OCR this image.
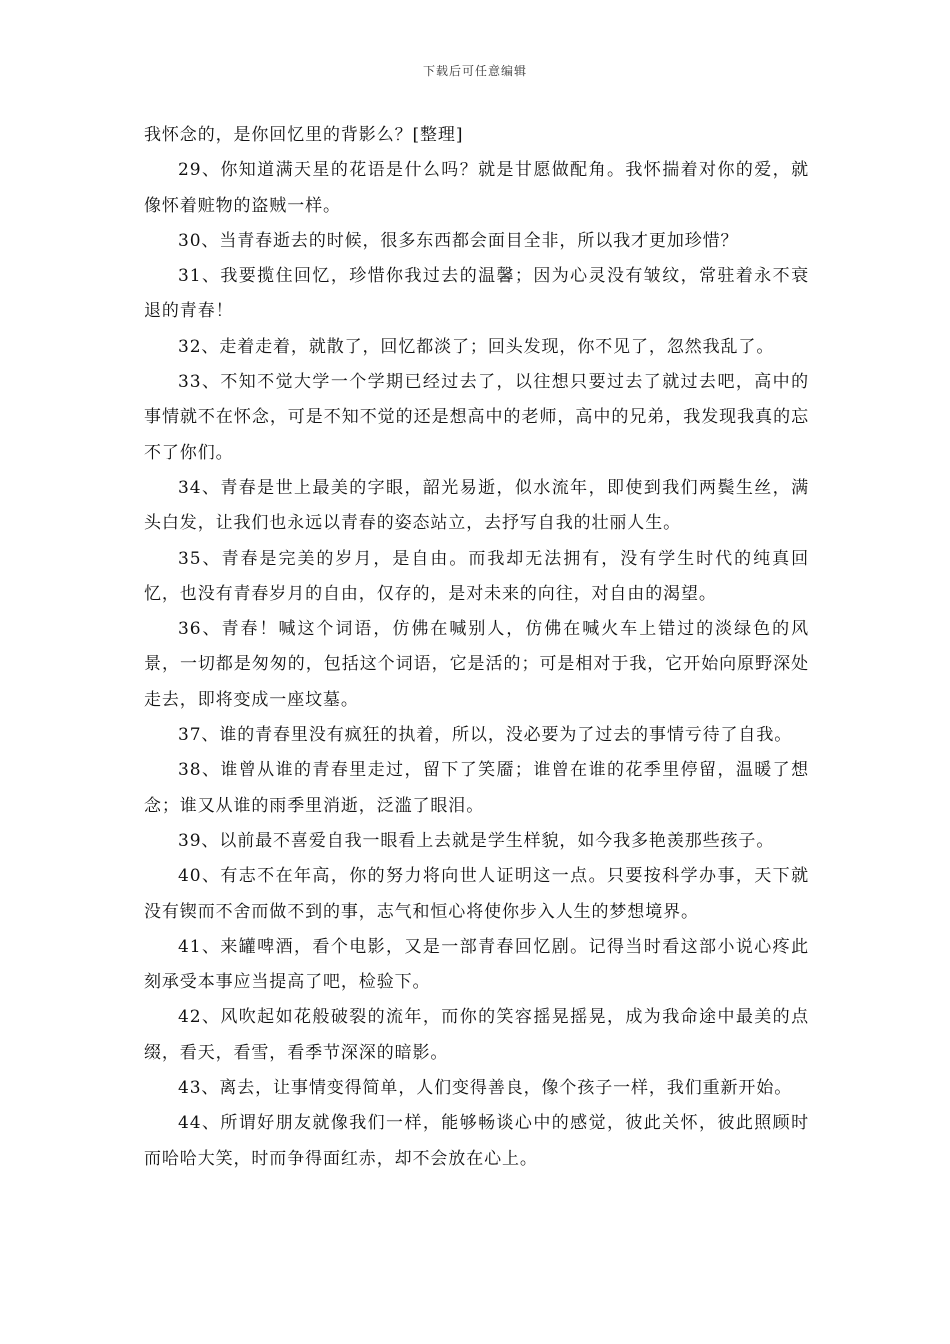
下载后可任意编辑

我怀念的，是你回忆里的背影么？[整理]

29、你知道满天星的花语是什么吗？就是甘愿做配角。我怀揣着对你的爱，就像怀着赃物的盗贼一样。

30、当青春逝去的时候，很多东西都会面目全非，所以我才更加珍惜？

31、我要揽住回忆，珍惜你我过去的温馨；因为心灵没有皱纹，常驻着永不衰退的青春！

32、走着走着，就散了，回忆都淡了；回头发现，你不见了，忽然我乱了。

33、不知不觉大学一个学期已经过去了，以往想只要过去了就过去吧，高中的事情就不在怀念，可是不知不觉的还是想高中的老师，高中的兄弟，我发现我真的忘不了你们。

34、青春是世上最美的字眼，韶光易逝，似水流年，即使到我们两鬓生丝，满头白发，让我们也永远以青春的姿态站立，去抒写自我的壮丽人生。

35、青春是完美的岁月，是自由。而我却无法拥有，没有学生时代的纯真回忆，也没有青春岁月的自由，仅存的，是对未来的向往，对自由的渴望。

36、青春！喊这个词语，仿佛在喊别人，仿佛在喊火车上错过的淡绿色的风景，一切都是匆匆的，包括这个词语，它是活的；可是相对于我，它开始向原野深处走去，即将变成一座坟墓。

37、谁的青春里没有疯狂的执着，所以，没必要为了过去的事情亏待了自我。

38、谁曾从谁的青春里走过，留下了笑靥；谁曾在谁的花季里停留，温暖了想念；谁又从谁的雨季里消逝，泛滥了眼泪。

39、以前最不喜爱自我一眼看上去就是学生样貌，如今我多艳羡那些孩子。

40、有志不在年高，你的努力将向世人证明这一点。只要按科学办事，天下就没有锲而不舍而做不到的事，志气和恒心将使你步入人生的梦想境界。

41、来罐啤酒，看个电影，又是一部青春回忆剧。记得当时看这部小说心疼此刻承受本事应当提高了吧，检验下。

42、风吹起如花般破裂的流年，而你的笑容摇晃摇晃，成为我命途中最美的点缀，看天，看雪，看季节深深的暗影。

43、离去，让事情变得简单，人们变得善良，像个孩子一样，我们重新开始。

44、所谓好朋友就像我们一样，能够畅谈心中的感觉，彼此关怀，彼此照顾时而哈哈大笑，时而争得面红赤，却不会放在心上。
